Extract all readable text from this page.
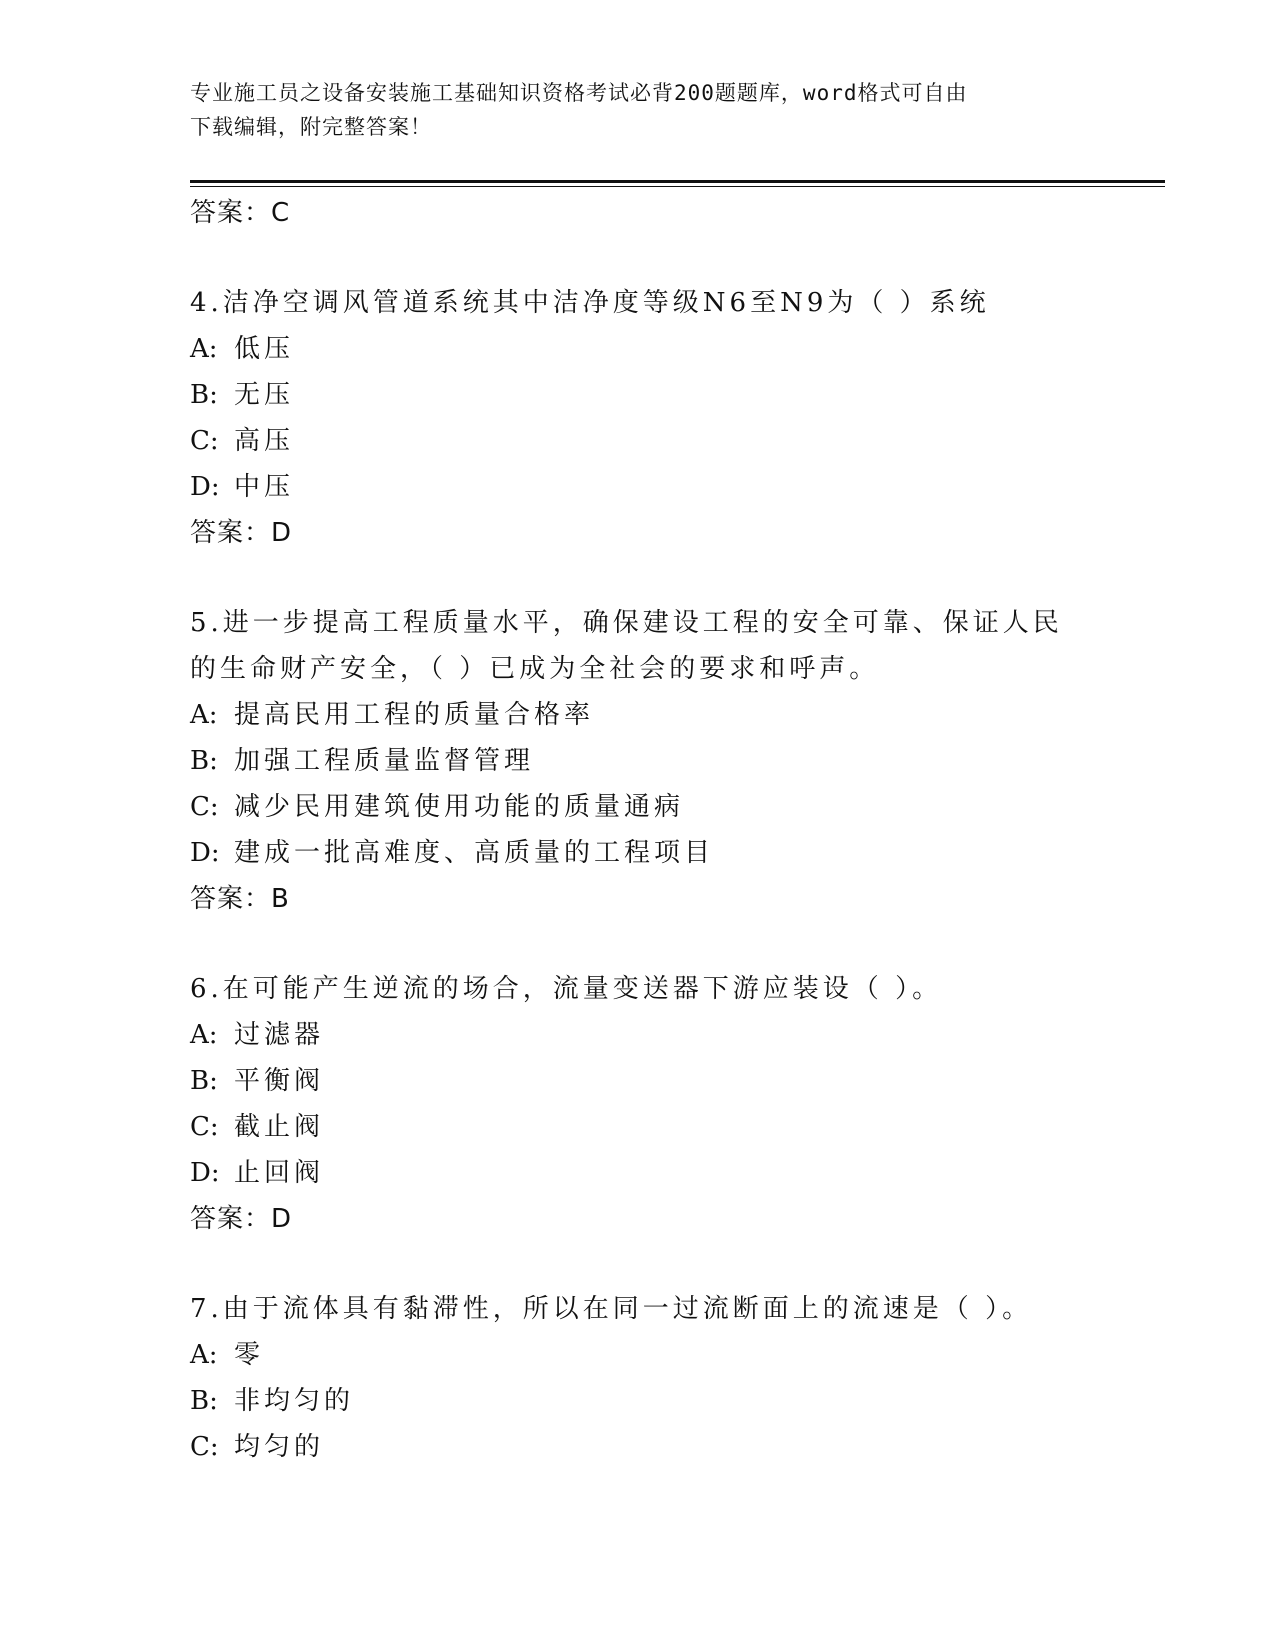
专业施工员之设备安装施工基础知识资格考试必背200题题库，word格式可自由
下载编辑，附完整答案！
答案：C
4.洁净空调风管道系统其中洁净度等级N6至N9为（ ）系统
A: 低压
B: 无压
C: 高压
D: 中压
答案：D
5.进一步提高工程质量水平，确保建设工程的安全可靠、保证人民的生命财产安全，（ ）已成为全社会的要求和呼声。
A: 提高民用工程的质量合格率
B: 加强工程质量监督管理
C: 减少民用建筑使用功能的质量通病
D: 建成一批高难度、高质量的工程项目
答案：B
6.在可能产生逆流的场合，流量变送器下游应装设（ ）。
A: 过滤器
B: 平衡阀
C: 截止阀
D: 止回阀
答案：D
7.由于流体具有黏滞性，所以在同一过流断面上的流速是（ ）。
A: 零
B: 非均匀的
C: 均匀的
